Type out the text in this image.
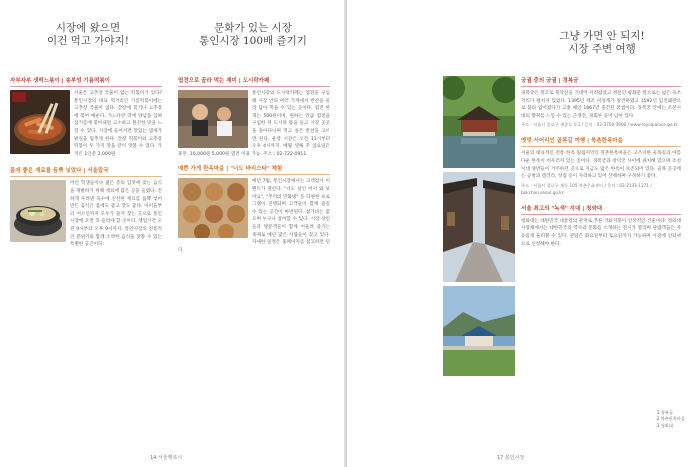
시장에 왔으면
이건 먹고 가야지!
문화가 있는 시장
통인시장 100배 즐기기
자부자부 생떡느볶이 | 송부엉 기름떡볶이
서울은 고추장 국물이 없는 떡볶이가 있다? 통인시장의 대표 먹거리인 기름떡볶이에는 고추장 국물이 없다. 간장에 볶거나 고추장에 볶아 매운다. 가느다란 떡에 양념을 입혀 참기름에 볶아내면 고소하고 쫄깃한 맛을 느낄 수 있다. 시장에 들어서면 맛있는 냄새가 발길을 멈추게 한다. 간장 떡볶이와 고추장 떡볶이 두 가지 맛을 같이 맛볼 수 있다. 가격은 1인분 3,000원.
몸에 좋은 재료를 듬뿍 넣었다 | 서울칼국
어린 학생들이나 젊은 층의 입맛에 맞는 음식을 개발하기 위해 재료에 많은 공을 들였다. 진하게 우려낸 육수에 신선한 재료를 듬뿍 넣어 만든 음식은 몸에도 좋고 맛도 좋다. 아이들부터 어르신까지 모두가 즐겨 찾는 곳으로 통인시장에 오면 꼭 들러야 할 곳이다. 영업시간 오전 9시부터 오후 9시까지. 통인시장의 전통적인 분위기와 함께 소박한 음식을 맛볼 수 있는 특별한 공간이다.
엽전으로 골라 먹는 재미 | 도시락카페
통인시장의 도시락카페는 엽전을 구입해 시장 안의 여러 가게에서 반찬을 골라 담아 먹을 수 있는 곳이다. 엽전 한 개는 500원이며, 원하는 만큼 엽전을 구입한 뒤 도시락 통을 들고 시장 곳곳을 돌아다니며 먹고 싶은 반찬을 고르면 된다. 운영 시간은 오전 11시부터 오후 4시까지. 매월 셋째 주 일요일은 휴무. 10,000원 5,000원 엽전 이용 가능. 주소 : 02-722-0911
예쁜 가게 한옥마을 | "너도 바리스타" 체험
매년 7월, 통인시장에서는 고객감사 이벤트가 열린다. "너도 살인 어서 와 보아요", "추억의 만화방" 등 다양한 프로그램이 진행되며 고객들이 함께 즐길 수 있는 공간이 마련된다. 참가비는 없으며 누구나 참여할 수 있다. 시장 상인들과 방문객들이 함께 어울려 즐기는 축제로 매년 많은 사람들이 찾고 있다. 자세한 일정은 홈페이지를 참고하면 된다.
14 서울행복시
그냥 가면 안 되지!
시장 주변 여행
1 경복궁
2 북촌한옥마을
3 청와대
궁궐 중의 궁궐 | 경복궁
경복궁은 북으로 북악산을 기대어 자리잡았고 정문인 광화문 앞으로는 넓은 육조거리가 펼쳐져 있었다. 1395년 태조 이성계가 창건하였고 1592년 임진왜란으로 불타 없어졌다가 고종 때인 1867년 중건된 궁궐이다. 경복궁 안에는 조선시대의 향취를 느낄 수 있는 근정전, 경회루 등이 남아 있다.
주소 : 서울시 종로구 세종로 1-1 / 문의 : 02-3700-3900 / www.royalpalace.go.kr
옛멋 서어리인 골목길 여행 | 북촌한옥마을
서울의 대표적인 전통 한옥 밀집지역인 북촌한옥마을은 고즈넉한 골목길과 아름다운 한옥이 어우러져 있는 곳이다. 경복궁과 창덕궁 사이에 위치해 있으며 조선시대 양반들이 거주하던 곳으로 지금도 많은 한옥이 보존되어 있다. 골목 곳곳에는 공방과 갤러리, 찻집 등이 자리하고 있어 산책하며 구경하기 좋다.
주소 : 서울시 종로구 계동 105 북촌문화센터 / 문의 : 02-2133-1371 / bukchon.seoul.go.kr
서울 최고의 "녹색" 지대 | 청와대
청와대는 대한민국 대통령의 관저로 푸른 기와지붕이 인상적인 건물이다. 청와대 사랑채에서는 대한민국의 역사와 문화를 소개하는 전시가 열리며 관람객들은 자유롭게 둘러볼 수 있다. 관람은 화요일부터 토요일까지 가능하며 사전에 인터넷으로 신청해야 한다.
17 통인시장
